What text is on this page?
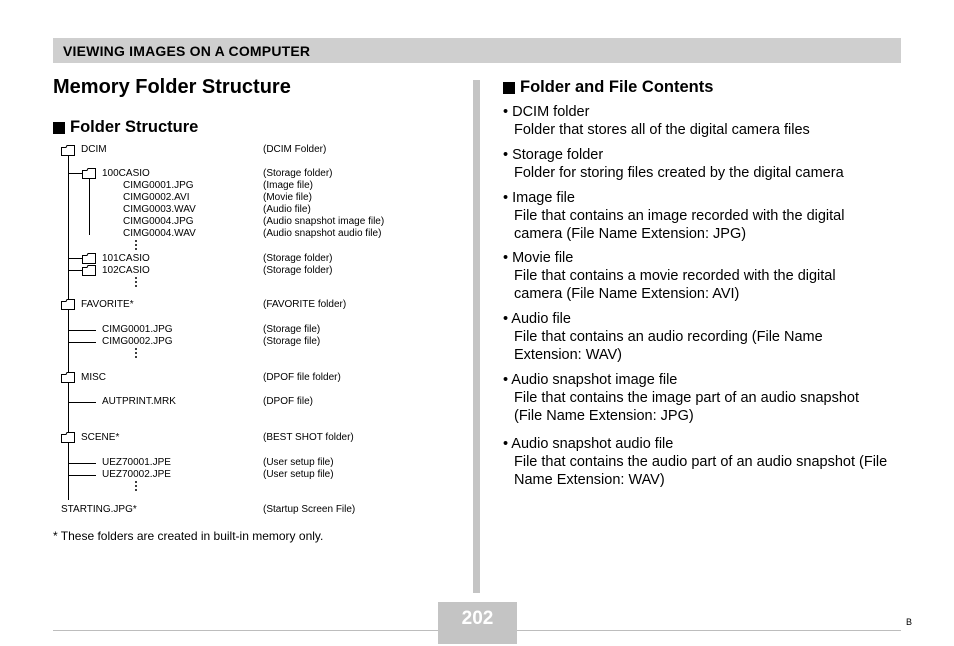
VIEWING IMAGES ON A COMPUTER
Memory Folder Structure
Folder Structure
DCIM	(DCIM Folder)
100CASIO	(Storage folder)
CIMG0001.JPG	(Image file)
CIMG0002.AVI	(Movie file)
CIMG0003.WAV	(Audio file)
CIMG0004.JPG	(Audio snapshot image file)
CIMG0004.WAV	(Audio snapshot audio file)
101CASIO	(Storage folder)
102CASIO	(Storage folder)
FAVORITE*	(FAVORITE folder)
CIMG0001.JPG	(Storage file)
CIMG0002.JPG	(Storage file)
MISC	(DPOF file folder)
AUTPRINT.MRK	(DPOF file)
SCENE*	(BEST SHOT folder)
UEZ70001.JPE	(User setup file)
UEZ70002.JPE	(User setup file)
STARTING.JPG*	(Startup Screen File)
* These folders are created in built-in memory only.
Folder and File Contents
• DCIM folder
Folder that stores all of the digital camera files
• Storage folder
Folder for storing files created by the digital camera
• Image file
File that contains an image recorded with the digital camera (File Name Extension: JPG)
• Movie file
File that contains a movie recorded with the digital camera (File Name Extension: AVI)
• Audio file
File that contains an audio recording (File Name Extension: WAV)
• Audio snapshot image file
File that contains the image part of an audio snapshot (File Name Extension: JPG)
• Audio snapshot audio file
File that contains the audio part of an audio snapshot (File Name Extension: WAV)
202	B
